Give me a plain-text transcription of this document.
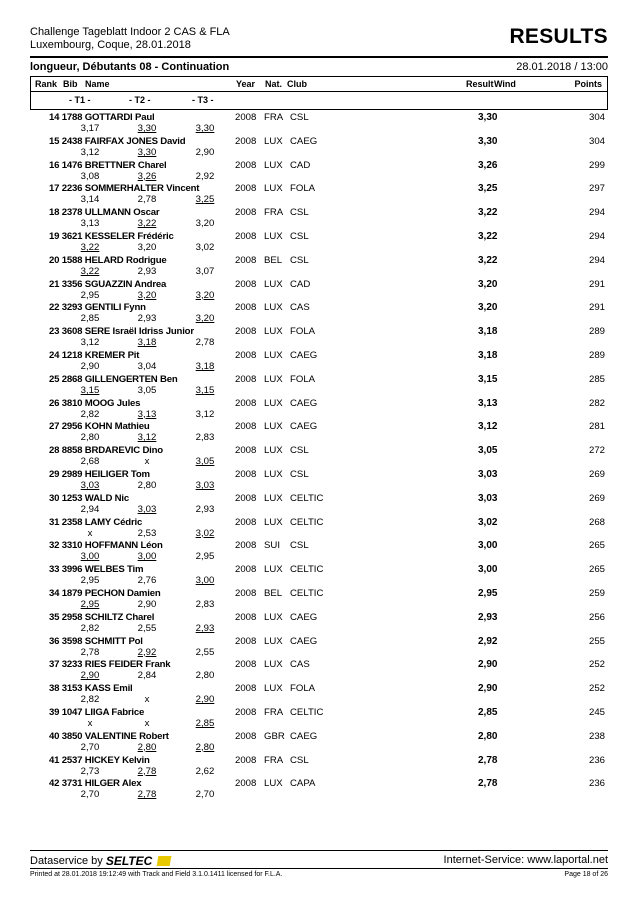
Challenge Tageblatt Indoor 2 CAS & FLA
Luxembourg, Coque, 28.01.2018	RESULTS
longueur, Débutants 08 - Continuation	28.01.2018 / 13:00
Rank Bib Name	Year Nat. Club	Result Wind	Points
- T1 -	- T2 -	- T3 -
14 1788 GOTTARDI Paul	2008 FRA CSL	3,30	304
3,17	3,30	3,30
15 2438 FAIRFAX JONES David	2008 LUX CAEG	3,30	304
3,12	3,30	2,90
16 1476 BRETTNER Charel	2008 LUX CAD	3,26	299
3,08	3,26	2,92
17 2236 SOMMERHALTER Vincent	2008 LUX FOLA	3,25	297
3,14	2,78	3,25
18 2378 ULLMANN Oscar	2008 FRA CSL	3,22	294
3,13	3,22	3,20
19 3621 KESSELER Frédéric	2008 LUX CSL	3,22	294
3,22	3,20	3,02
20 1588 HELARD Rodrigue	2008 BEL CSL	3,22	294
3,22	2,93	3,07
21 3356 SGUAZZIN Andrea	2008 LUX CAD	3,20	291
2,95	3,20	3,20
22 3293 GENTILI Fynn	2008 LUX CAS	3,20	291
2,85	2,93	3,20
23 3608 SERE Israël Idriss Junior	2008 LUX FOLA	3,18	289
3,12	3,18	2,78
24 1218 KREMER Pit	2008 LUX CAEG	3,18	289
2,90	3,04	3,18
25 2868 GILLENGERTEN Ben	2008 LUX FOLA	3,15	285
3,15	3,05	3,15
26 3810 MOOG Jules	2008 LUX CAEG	3,13	282
2,82	3,13	3,12
27 2956 KOHN Mathieu	2008 LUX CAEG	3,12	281
2,80	3,12	2,83
28 8858 BRDAREVIC Dino	2008 LUX CSL	3,05	272
2,68	x	3,05
29 2989 HEILIGER Tom	2008 LUX CSL	3,03	269
3,03	2,80	3,03
30 1253 WALD Nic	2008 LUX CELTIC	3,03	269
2,94	3,03	2,93
31 2358 LAMY Cédric	2008 LUX CELTIC	3,02	268
x	2,53	3,02
32 3310 HOFFMANN Léon	2008 SUI CSL	3,00	265
3,00	3,00	2,95
33 3996 WELBES Tim	2008 LUX CELTIC	3,00	265
2,95	2,76	3,00
34 1879 PECHON Damien	2008 BEL CELTIC	2,95	259
2,95	2,90	2,83
35 2958 SCHILTZ Charel	2008 LUX CAEG	2,93	256
2,82	2,55	2,93
36 3598 SCHMITT Pol	2008 LUX CAEG	2,92	255
2,78	2,92	2,55
37 3233 RIES FEIDER Frank	2008 LUX CAS	2,90	252
2,90	2,84	2,80
38 3153 KASS Emil	2008 LUX FOLA	2,90	252
2,82	x	2,90
39 1047 LIIGA Fabrice	2008 FRA CELTIC	2,85	245
x	x	2,85
40 3850 VALENTINE Robert	2008 GBR CAEG	2,80	238
2,70	2,80	2,80
41 2537 HICKEY Kelvin	2008 FRA CSL	2,78	236
2,73	2,78	2,62
42 3731 HILGER Alex	2008 LUX CAPA	2,78	236
2,70	2,78	2,70
Dataservice by SELTEC	Internet-Service: www.laportal.net
Printed at 28.01.2018 19:12:49 with Track and Field 3.1.0.1411 licensed for F.L.A.	Page 18 of 26
